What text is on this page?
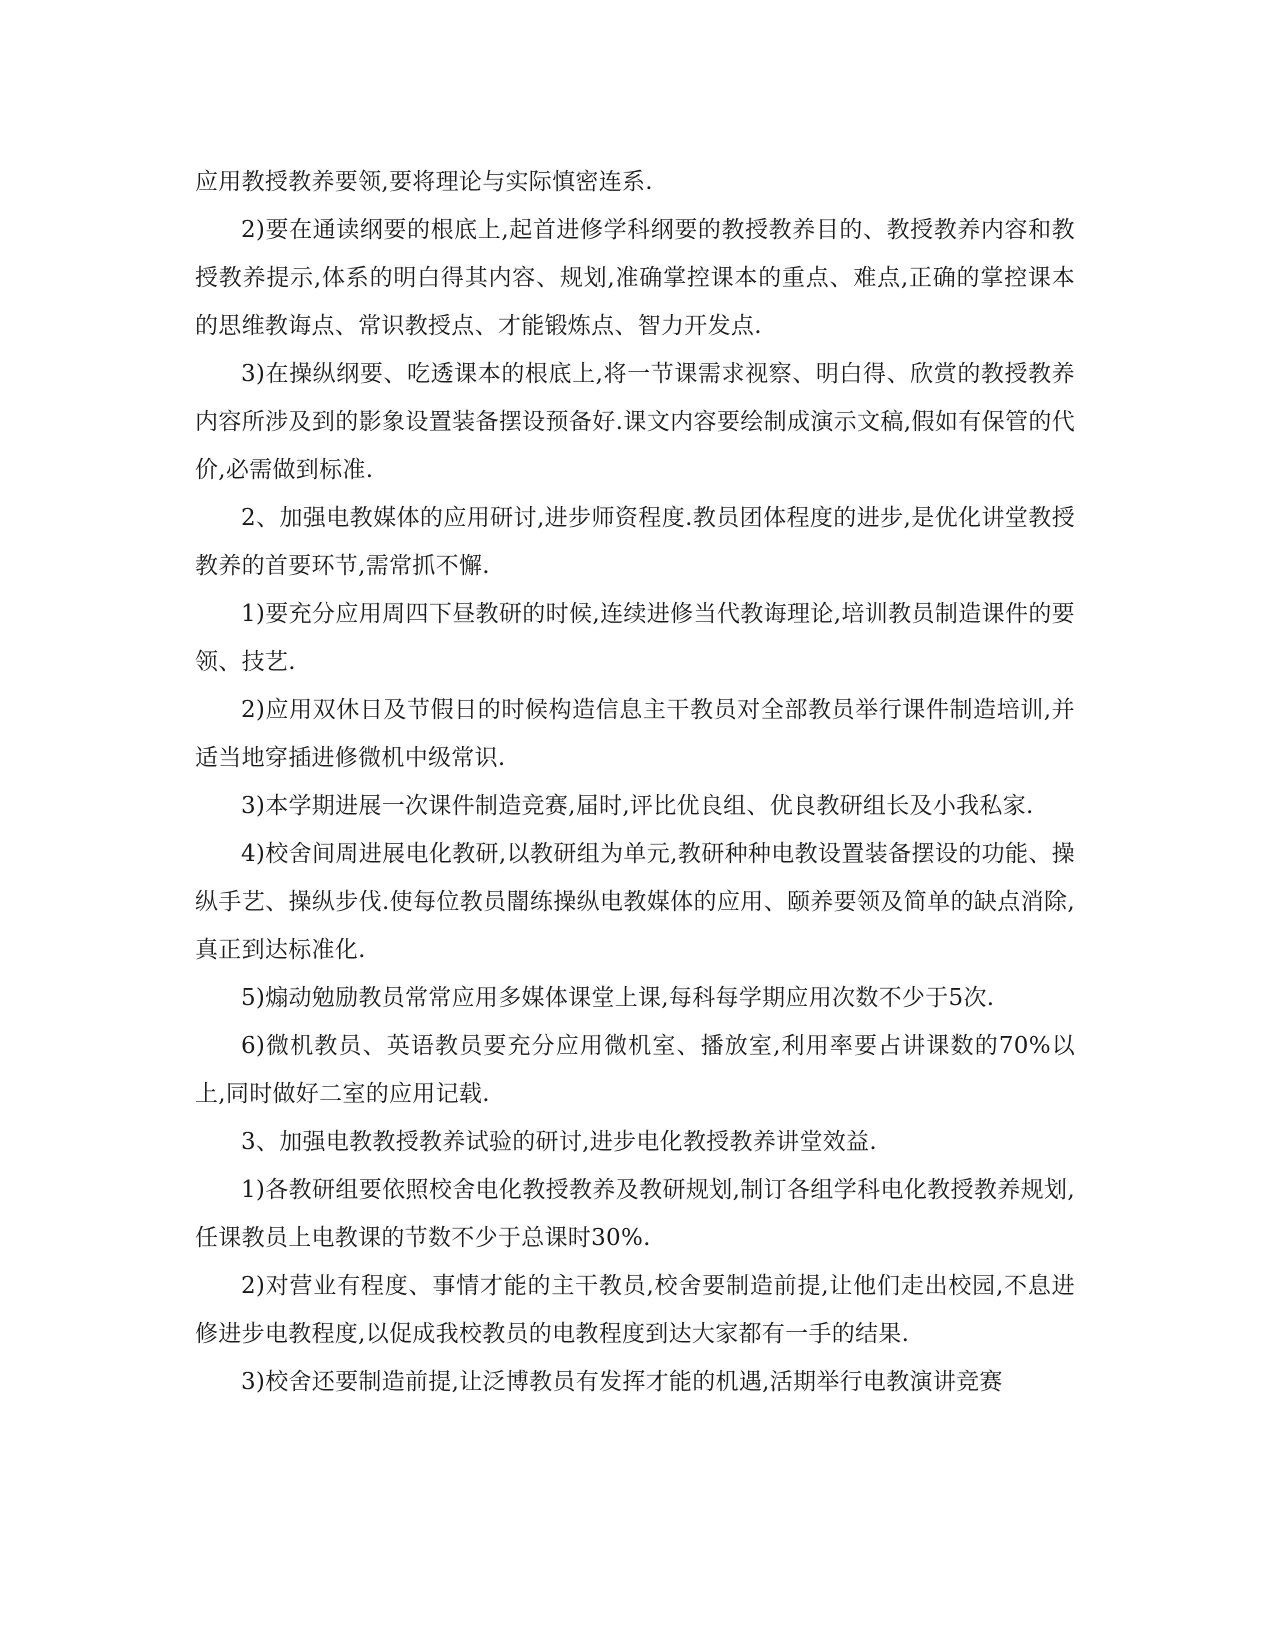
应用教授教养要领,要将理论与实际慎密连系.

2)要在通读纲要的根底上,起首进修学科纲要的教授教养目的、教授教养内容和教授教养提示,体系的明白得其内容、规划,准确掌控课本的重点、难点,正确的掌控课本的思维教诲点、常识教授点、才能锻炼点、智力开发点.

3)在操纵纲要、吃透课本的根底上,将一节课需求视察、明白得、欣赏的教授教养内容所涉及到的影象设置装备摆设预备好.课文内容要绘制成演示文稿,假如有保管的代价,必需做到标准.

2、加强电教媒体的应用研讨,进步师资程度.教员团体程度的进步,是优化讲堂教授教养的首要环节,需常抓不懈.

1)要充分应用周四下昼教研的时候,连续进修当代教诲理论,培训教员制造课件的要领、技艺.

2)应用双休日及节假日的时候构造信息主干教员对全部教员举行课件制造培训,并适当地穿插进修微机中级常识.

3)本学期进展一次课件制造竞赛,届时,评比优良组、优良教研组长及小我私家.

4)校舍间周进展电化教研,以教研组为单元,教研种种电教设置装备摆设的功能、操纵手艺、操纵步伐.使每位教员闇练操纵电教媒体的应用、颐养要领及简单的缺点消除,真正到达标准化.

5)煽动勉励教员常常应用多媒体课堂上课,每科每学期应用次数不少于5次.

6)微机教员、英语教员要充分应用微机室、播放室,利用率要占讲课数的70%以上,同时做好二室的应用记载.

3、加强电教教授教养试验的研讨,进步电化教授教养讲堂效益.

1)各教研组要依照校舍电化教授教养及教研规划,制订各组学科电化教授教养规划,任课教员上电教课的节数不少于总课时30%.

2)对营业有程度、事情才能的主干教员,校舍要制造前提,让他们走出校园,不息进修进步电教程度,以促成我校教员的电教程度到达大家都有一手的结果.

3)校舍还要制造前提,让泛博教员有发挥才能的机遇,活期举行电教演讲竞赛
